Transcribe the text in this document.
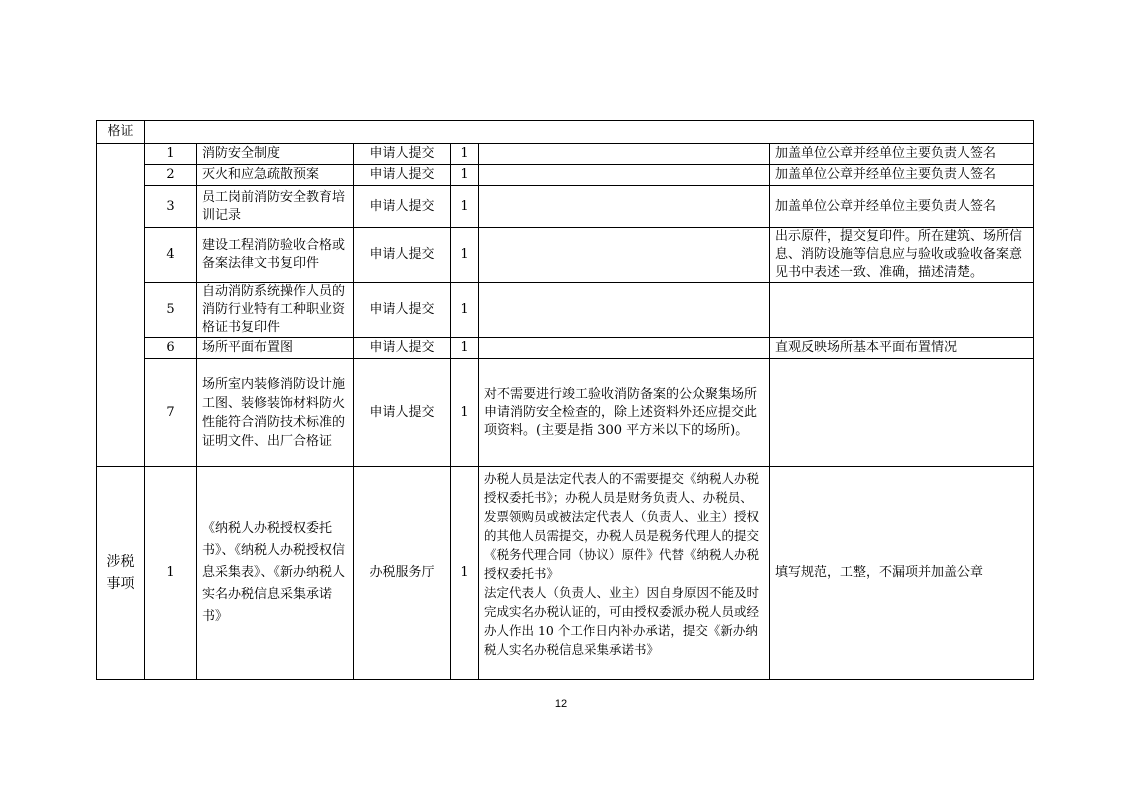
格证						
	1	消防安全制度	申请人提交	1		加盖单位公章并经单位主要负责人签名
	2	灭火和应急疏散预案	申请人提交	1		加盖单位公章并经单位主要负责人签名
	3	员工岗前消防安全教育培训记录	申请人提交	1		加盖单位公章并经单位主要负责人签名
	4	建设工程消防验收合格或备案法律文书复印件	申请人提交	1		出示原件，提交复印件。所在建筑、场所信息、消防设施等信息应与验收或验收备案意见书中表述一致、准确，描述清楚。
	5	自动消防系统操作人员的消防行业特有工种职业资格证书复印件	申请人提交	1		
	6	场所平面布置图	申请人提交	1		直观反映场所基本平面布置情况
	7	场所室内装修消防设计施工图、装修装饰材料防火性能符合消防技术标准的证明文件、出厂合格证	申请人提交	1	对不需要进行竣工验收消防备案的公众聚集场所申请消防安全检查的，除上述资料外还应提交此项资料。(主要是指 300 平方米以下的场所)。	
涉税事项	1	《纳税人办税授权委托书》、《纳税人办税授权信息采集表》、《新办纳税人实名办税信息采集承诺书》	办税服务厅	1	办税人员是法定代表人的不需要提交《纳税人办税授权委托书》；办税人员是财务负责人、办税员、发票领购员或被法定代表人（负责人、业主）授权的其他人员需提交，办税人员是税务代理人的提交《税务代理合同（协议）原件》代替《纳税人办税授权委托书》
法定代表人（负责人、业主）因自身原因不能及时完成实名办税认证的，可由授权委派办税人员或经办人作出 10 个工作日内补办承诺，提交《新办纳税人实名办税信息采集承诺书》	填写规范，工整，不漏项并加盖公章
12
